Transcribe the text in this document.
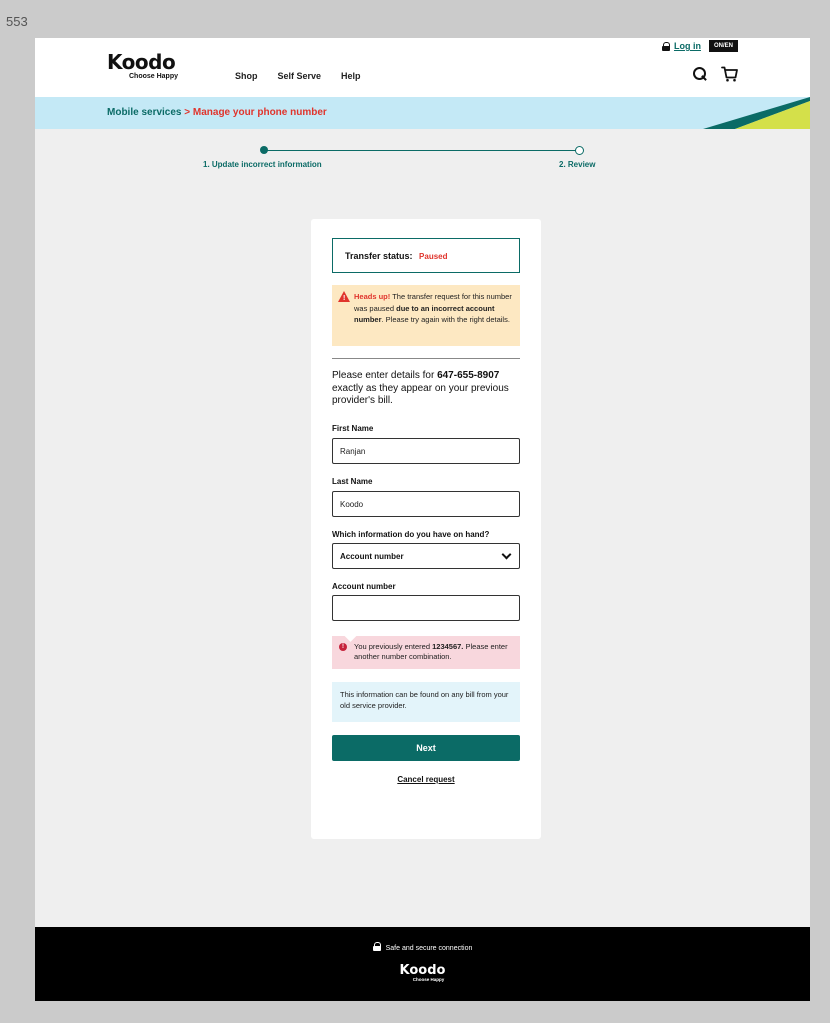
553
Log in	ON/EN
Koodo
Choose Happy	Shop Self Serve Help
Mobile services > Manage your phone number
1. Update incorrect information	2. Review
Transfer status: Paused
! Heads up! The transfer request for this number was paused due to an incorrect account number. Please try again with the right details.
Please enter details for 647-655-8907 exactly as they appear on your previous provider's bill.
First Name
Ranjan
Last Name
Koodo
Which information do you have on hand?
Account number
Account number
!	You previously entered 1234567. Please enter another number combination.
This information can be found on any bill from your old service provider.
Next
Cancel request
Safe and secure connection
Koodo
Choose Happy
